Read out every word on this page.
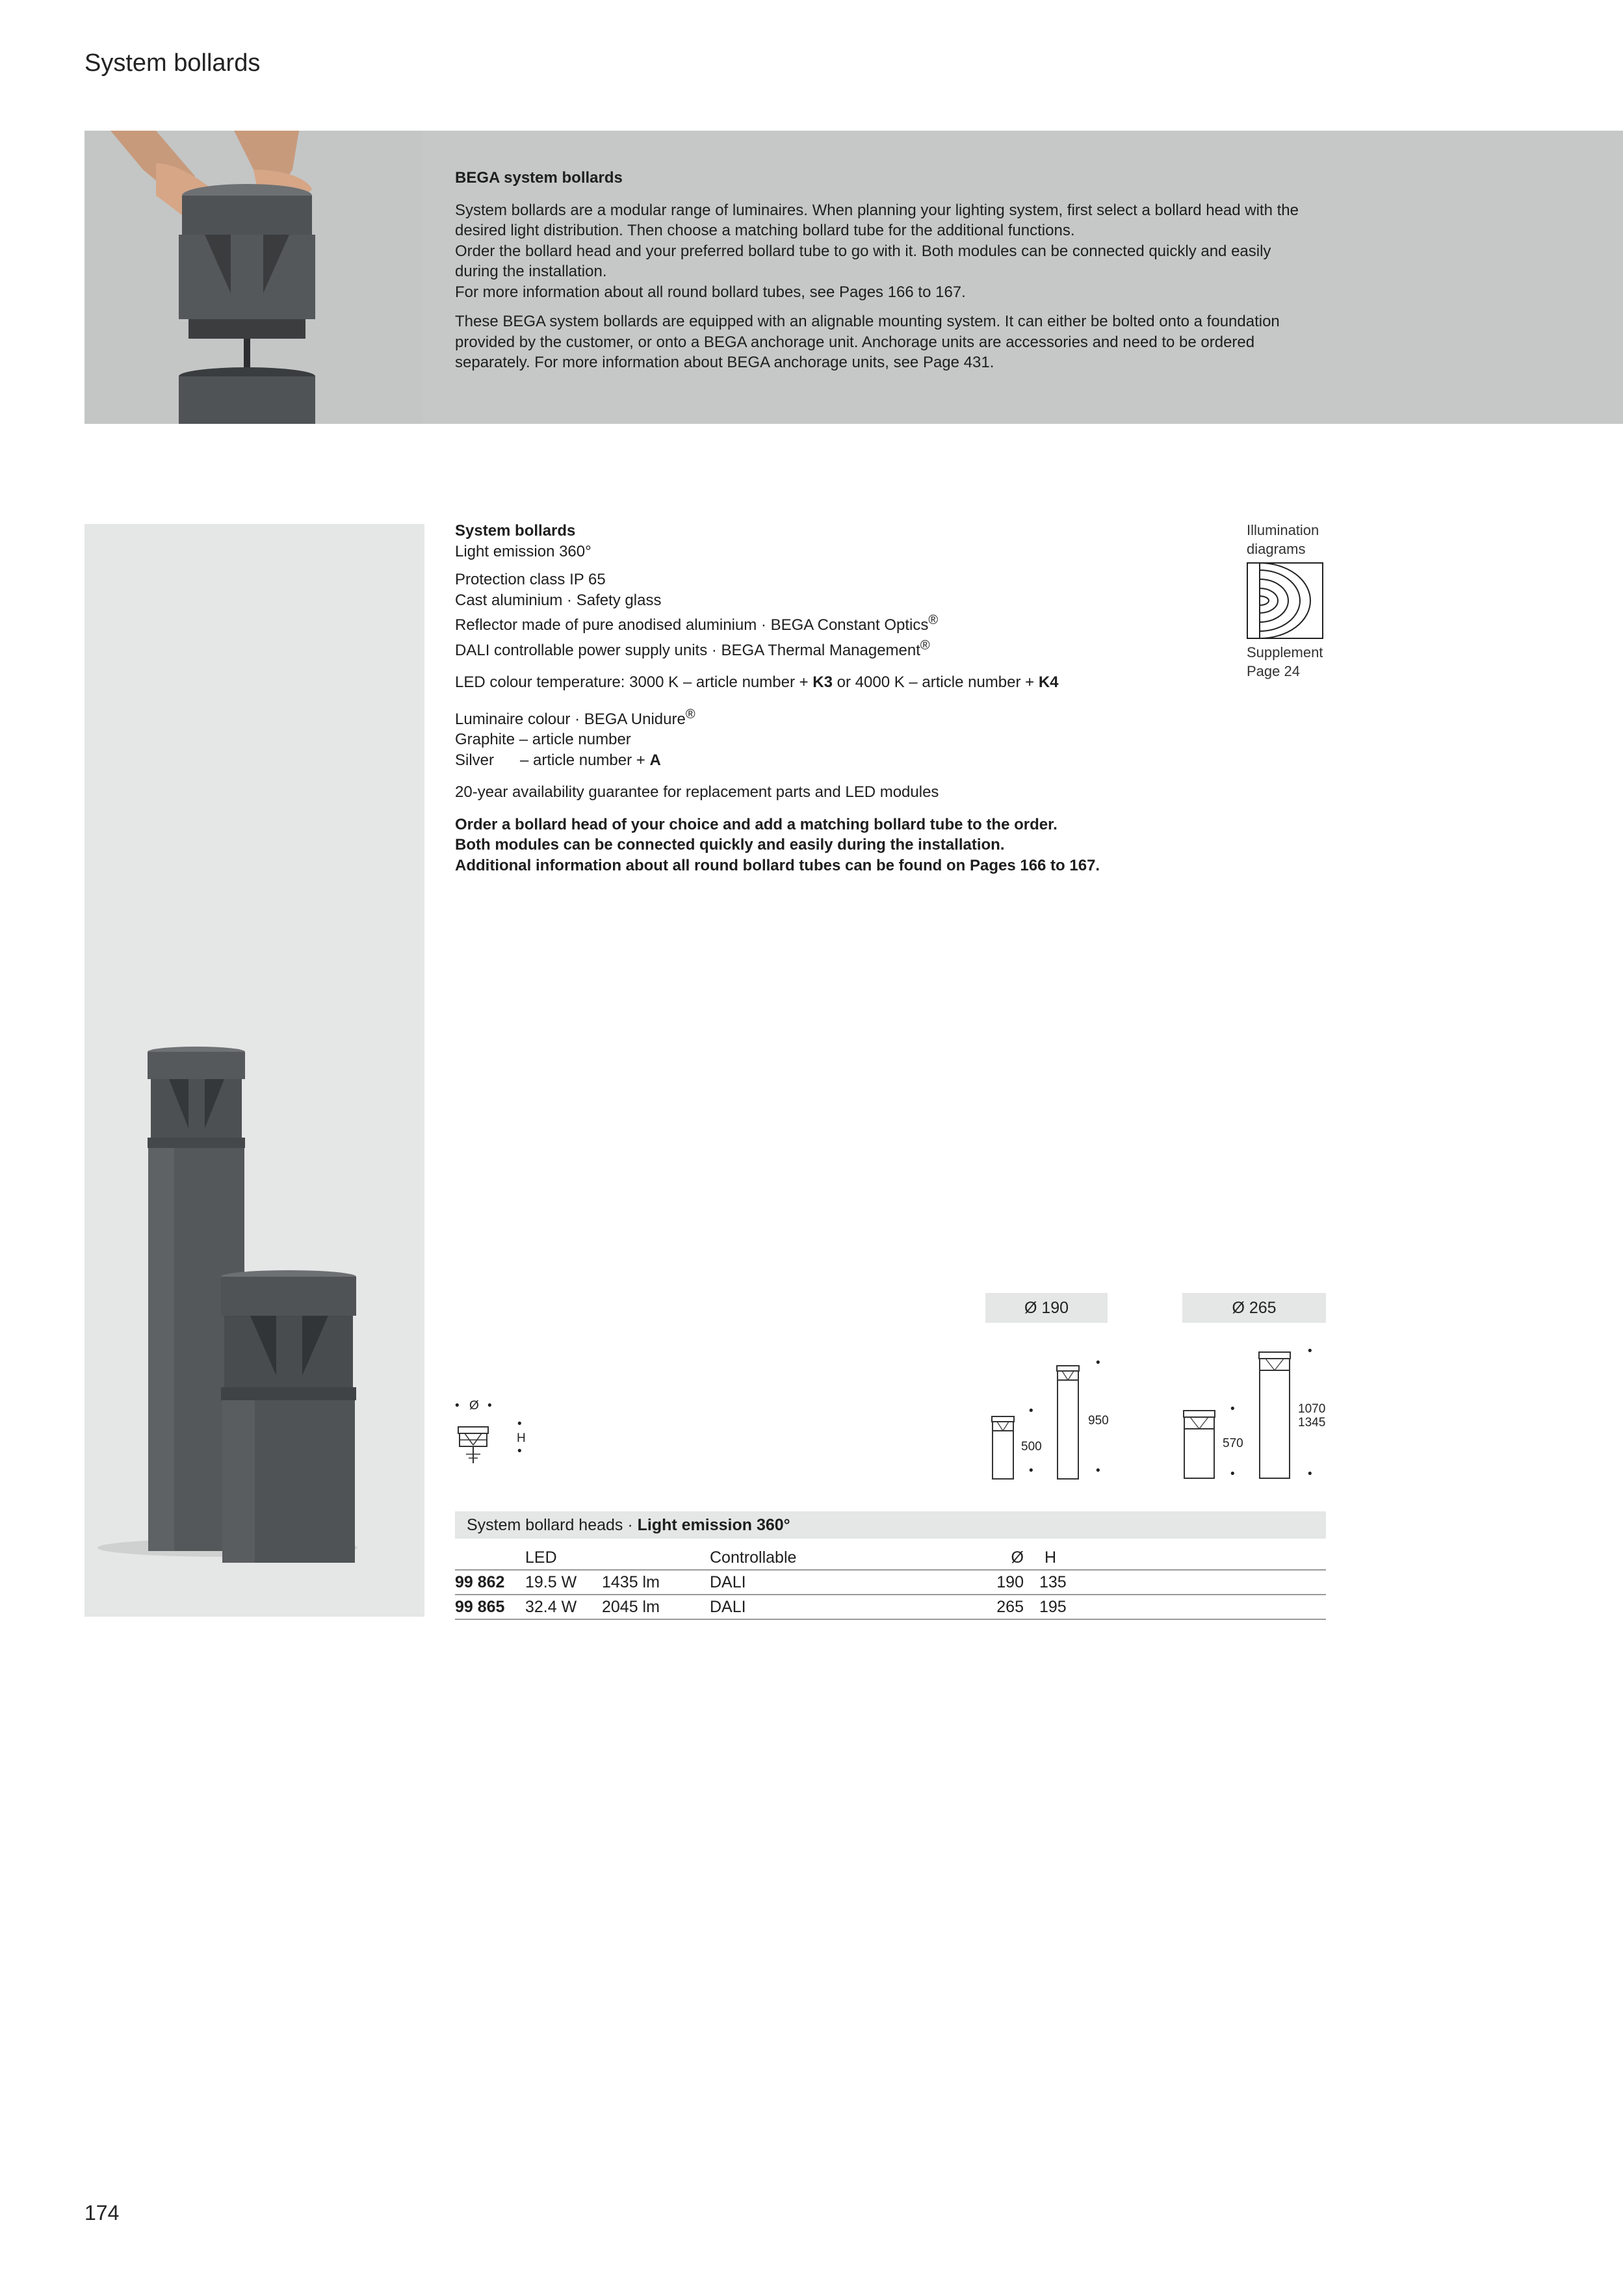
System bollards
BEGA system bollards

System bollards are a modular range of luminaires. When planning your lighting system, first select a bollard head with the desired light distribution. Then choose a matching bollard tube for the additional functions.

Order the bollard head and your preferred bollard tube to go with it. Both modules can be connected quickly and easily during the installation.

For more information about all round bollard tubes, see Pages 166 to 167.

These BEGA system bollards are equipped with an alignable mounting system. It can either be bolted onto a foundation provided by the customer, or onto a BEGA anchorage unit. Anchorage units are accessories and need to be ordered separately. For more information about BEGA anchorage units, see Page 431.

System bollards
Light emission 360°

Protection class IP 65
Cast aluminium · Safety glass
Reflector made of pure anodised aluminium · BEGA Constant Optics®
DALI controllable power supply units · BEGA Thermal Management®

LED colour temperature: 3000 K – article number + K3 or 4000 K – article number + K4

Luminaire colour · BEGA Unidure®
Graphite – article number
Silver      – article number + A

20-year availability guarantee for replacement parts and LED modules

Order a bollard head of your choice and add a matching bollard tube to the order.
Both modules can be connected quickly and easily during the installation.
Additional information about all round bollard tubes can be found on Pages 166 to 167.

Illumination
diagrams
Supplement
Page 24
• Ø •
•
H
•
Ø 190	Ø 265
•
•
500
•
•
950
•
•
570
•
•
1070
1345
System bollard heads · Light emission 360°
	LED		Controllable	Ø	H
99 862	19.5 W	1435 lm	DALI	190	135
99 865	32.4 W	2045 lm	DALI	265	195
174
